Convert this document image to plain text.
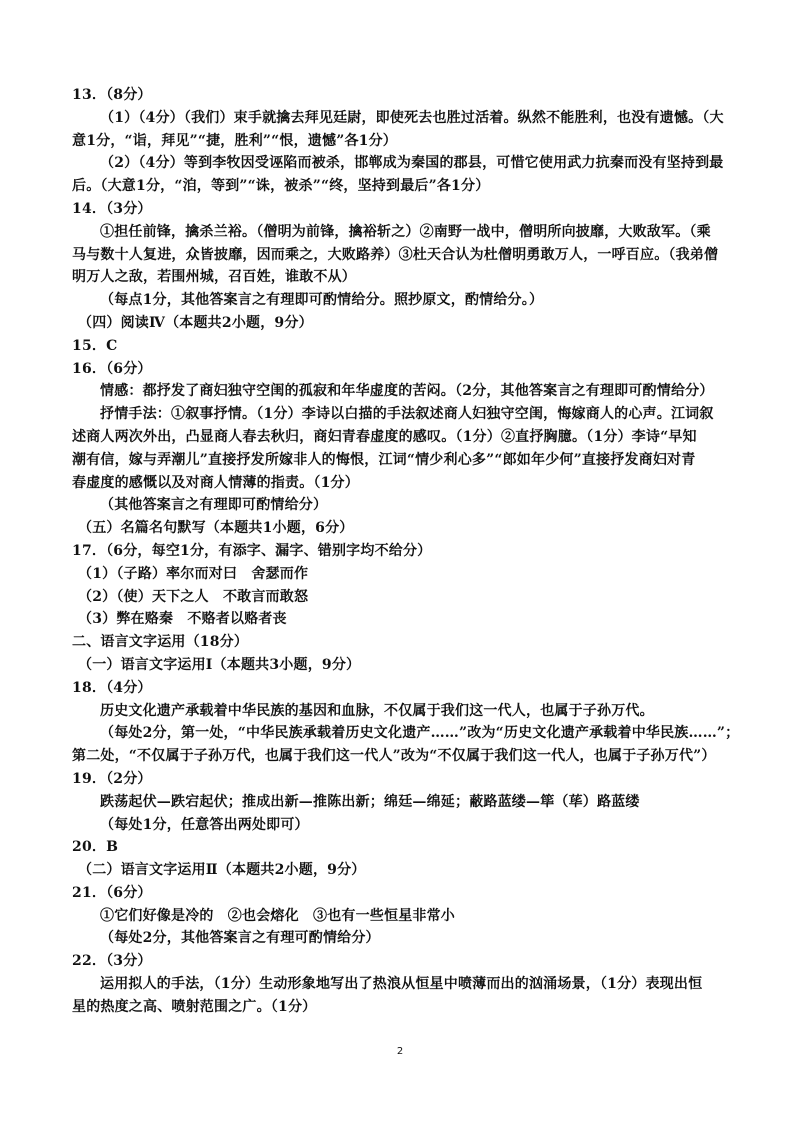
13．（8分）
（1）（4分）（我们）束手就擒去拜见廷尉，即使死去也胜过活着。纵然不能胜利，也没有遗憾。（大
意1分，“诣，拜见”“捷，胜利”“恨，遗憾”各1分）
（2）（4分）等到李牧因受诬陷而被杀，邯郸成为秦国的郡县，可惜它使用武力抗秦而没有坚持到最
后。（大意1分，“洎，等到”“诛，被杀”“终，坚持到最后”各1分）
14．（3分）
①担任前锋，擒杀兰裕。（僧明为前锋，擒裕斩之）②南野一战中，僧明所向披靡，大败敌军。（乘
马与数十人复进，众皆披靡，因而乘之，大败路养）③杜天合认为杜僧明勇敢万人，一呼百应。（我弟僧
明万人之敌，若围州城，召百姓，谁敢不从）
（每点1分，其他答案言之有理即可酌情给分。照抄原文，酌情给分。）
（四）阅读Ⅳ（本题共2小题，9分）
15．C
16．（6分）
情感：都抒发了商妇独守空闺的孤寂和年华虚度的苦闷。（2分，其他答案言之有理即可酌情给分）
抒情手法：①叙事抒情。（1分）李诗以白描的手法叙述商人妇独守空闺，悔嫁商人的心声。江词叙
述商人两次外出，凸显商人春去秋归，商妇青春虚度的感叹。（1分）②直抒胸臆。（1分）李诗“早知
潮有信，嫁与弄潮儿”直接抒发所嫁非人的悔恨，江词“情少利心多”“郎如年少何”直接抒发商妇对青
春虚度的感慨以及对商人情薄的指责。（1分）
（其他答案言之有理即可酌情给分）
（五）名篇名句默写（本题共1小题，6分）
17．（6分，每空1分，有添字、漏字、错别字均不给分）
（1）（子路）率尔而对曰　舍瑟而作
（2）（使）天下之人　不敢言而敢怒
（3）弊在赂秦　不赂者以赂者丧
二、语言文字运用（18分）
（一）语言文字运用Ⅰ（本题共3小题，9分）
18．（4分）
历史文化遗产承载着中华民族的基因和血脉，不仅属于我们这一代人，也属于子孙万代。
（每处2分，第一处，“中华民族承载着历史文化遗产……”改为“历史文化遗产承载着中华民族……”；
第二处，“不仅属于子孙万代，也属于我们这一代人”改为“不仅属于我们这一代人，也属于子孙万代”）
19．（2分）
跌荡起伏—跌宕起伏；推成出新—推陈出新；绵廷—绵延；蔽路蓝缕—筚（荜）路蓝缕
（每处1分，任意答出两处即可）
20．B
（二）语言文字运用Ⅱ（本题共2小题，9分）
21．（6分）
①它们好像是冷的　②也会熔化　③也有一些恒星非常小
（每处2分，其他答案言之有理可酌情给分）
22．（3分）
运用拟人的手法，（1分）生动形象地写出了热浪从恒星中喷薄而出的汹涌场景，（1分）表现出恒
星的热度之高、喷射范围之广。（1分）
2
